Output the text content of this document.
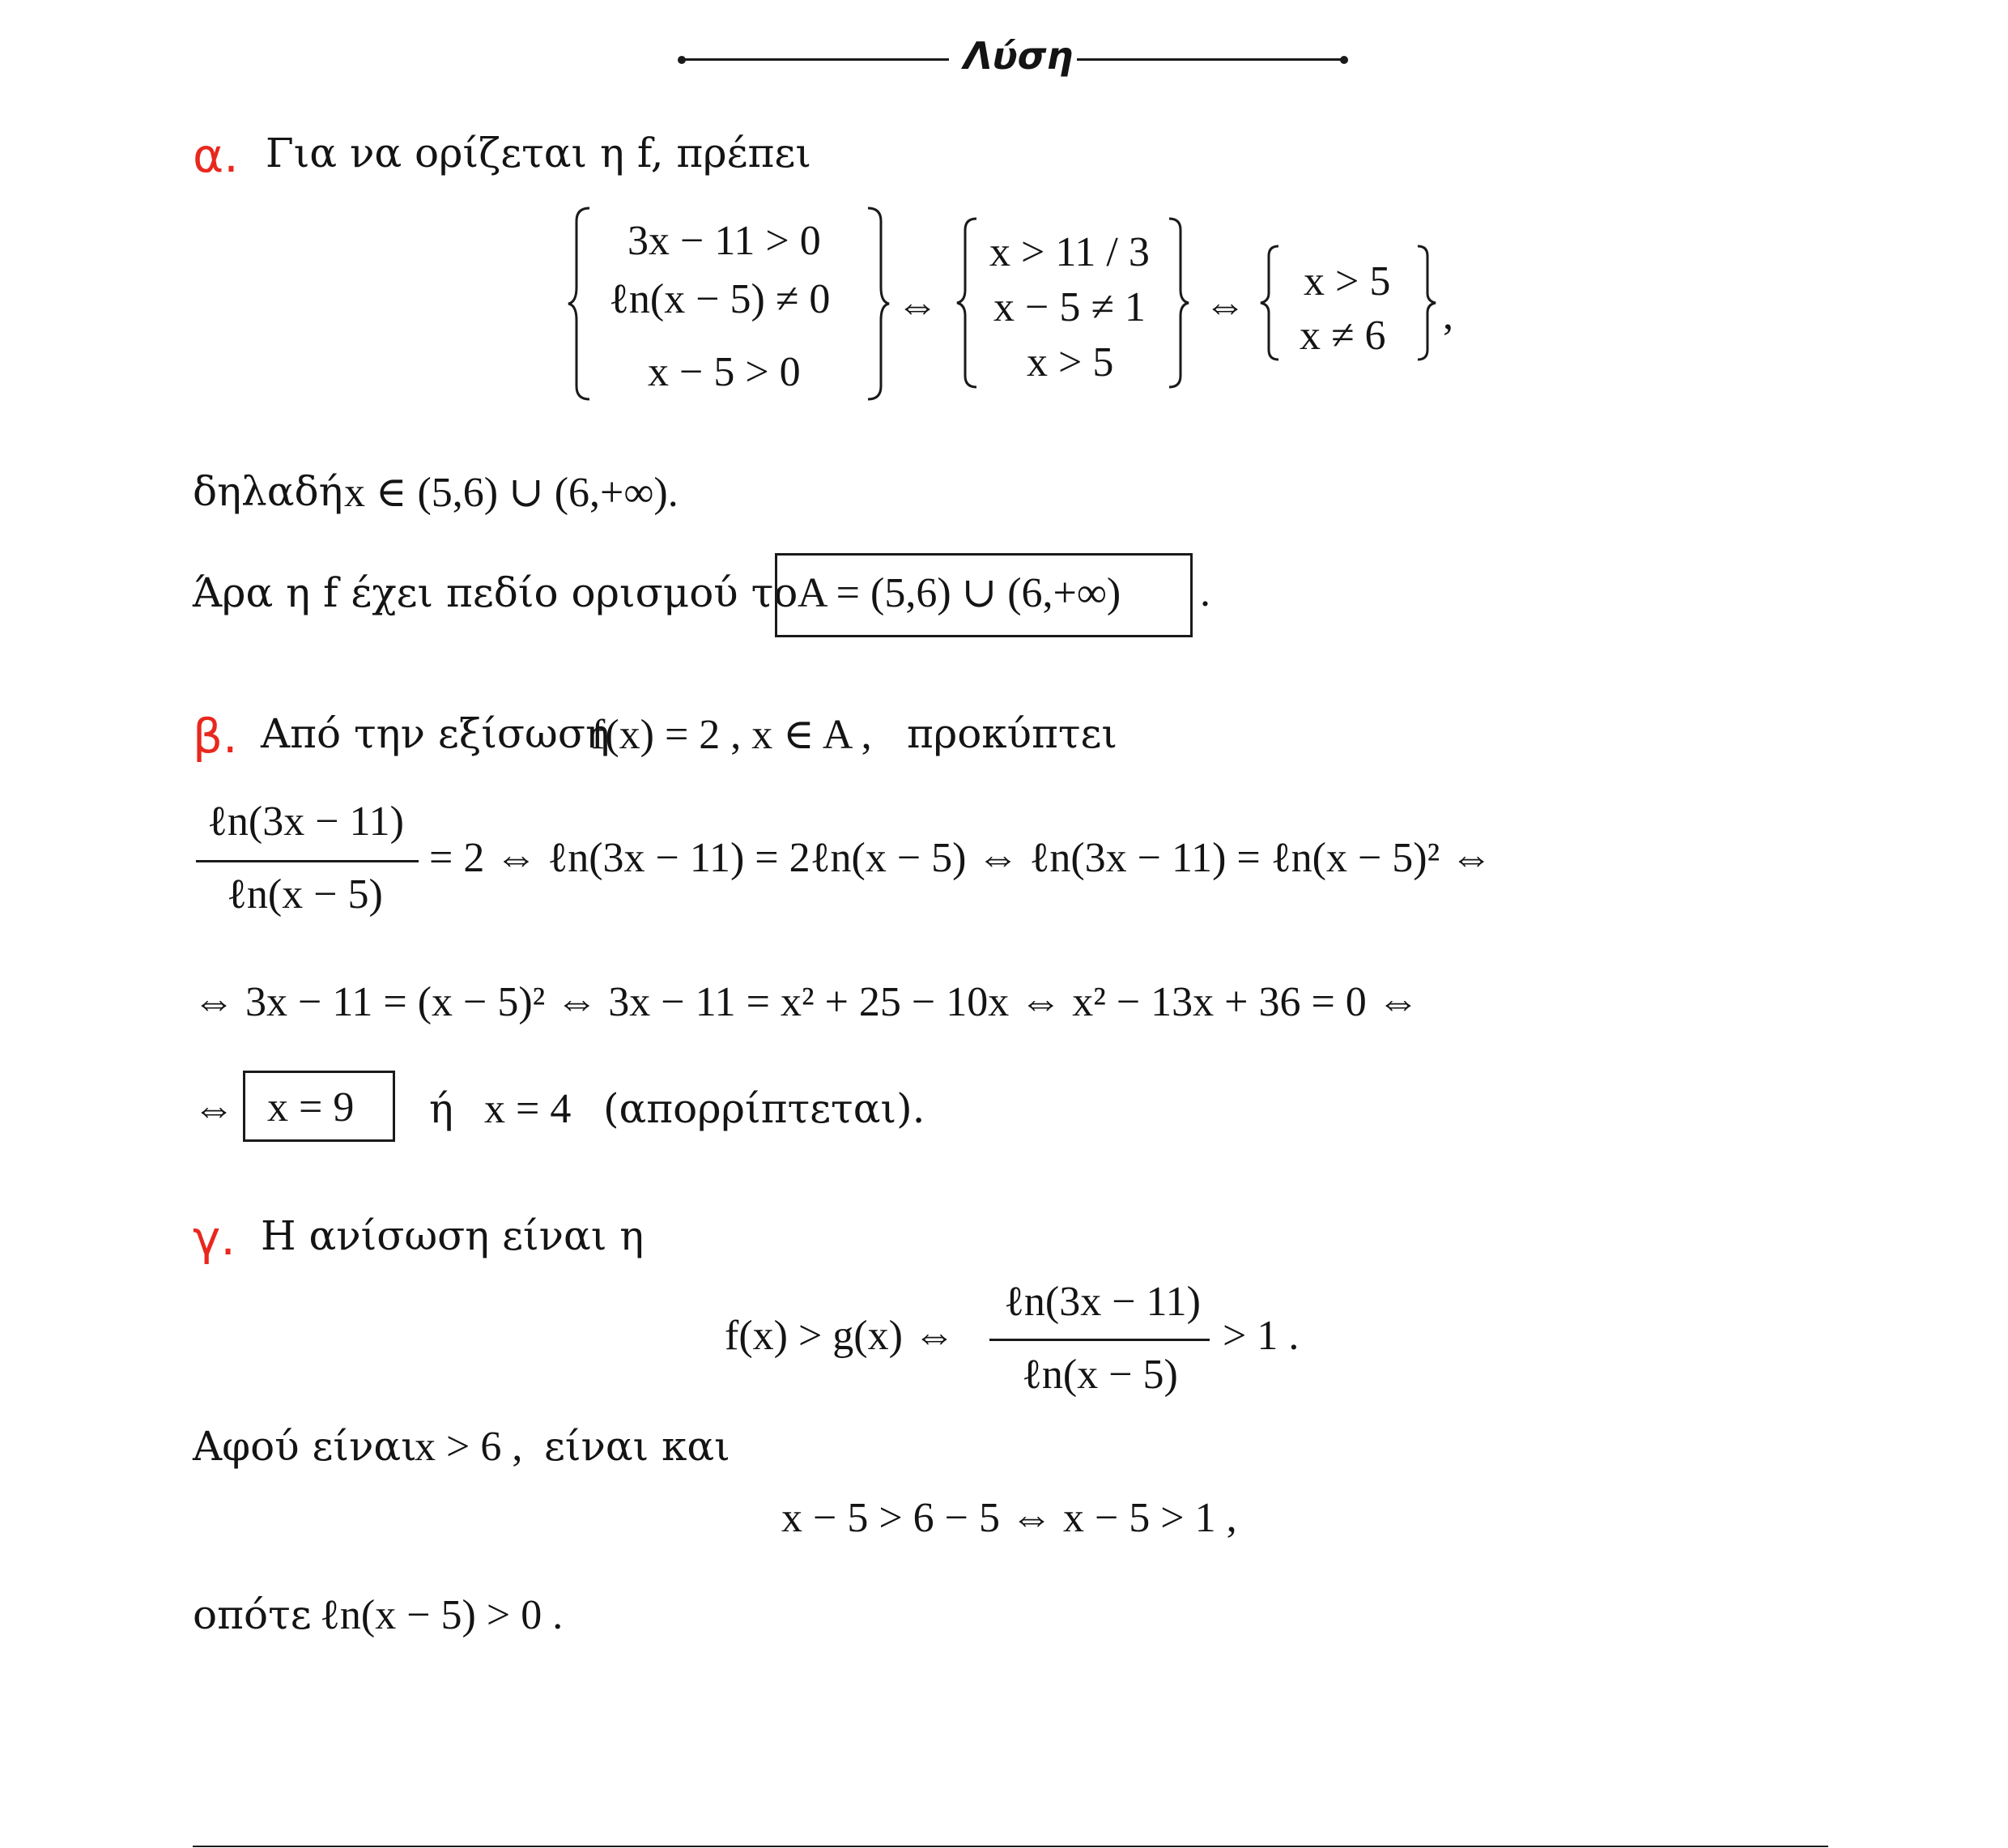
Λύση
α. Για να ορίζεται η f, πρέπει
3x − 11 > 0
ℓn(x − 5) ≠ 0
x − 5 > 0
⇔
x > 11 / 3
x − 5 ≠ 1
x > 5
⇔
x > 5
x ≠ 6 ,
δηλαδή x ∈ (5,6) ∪ (6,+∞).
Άρα η f έχει πεδίο ορισμού το A = (5,6) ∪ (6,+∞) .
β. Από την εξίσωση
f(x) = 2 , x ∈ A , προκύπτει
ℓn(3x − 11)
ℓn(x − 5)
= 2 ⇔ ℓn(3x − 11) = 2ℓn(x − 5) ⇔ ℓn(3x − 11) = ℓn(x − 5)² ⇔
⇔ 3x − 11 = (x − 5)² ⇔ 3x − 11 = x² + 25 − 10x ⇔ x² − 13x + 36 = 0 ⇔
⇔ x = 9 ή x = 4 (απορρίπτεται).
γ. Η ανίσωση είναι η
f(x) > g(x) ⇔
ℓn(3x − 11)
ℓn(x − 5)
> 1 .
Αφού είναι
x > 6 , είναι και
x − 5 > 6 − 5 ⇔ x − 5 > 1 ,
οπότε ℓn(x − 5) > 0 .
